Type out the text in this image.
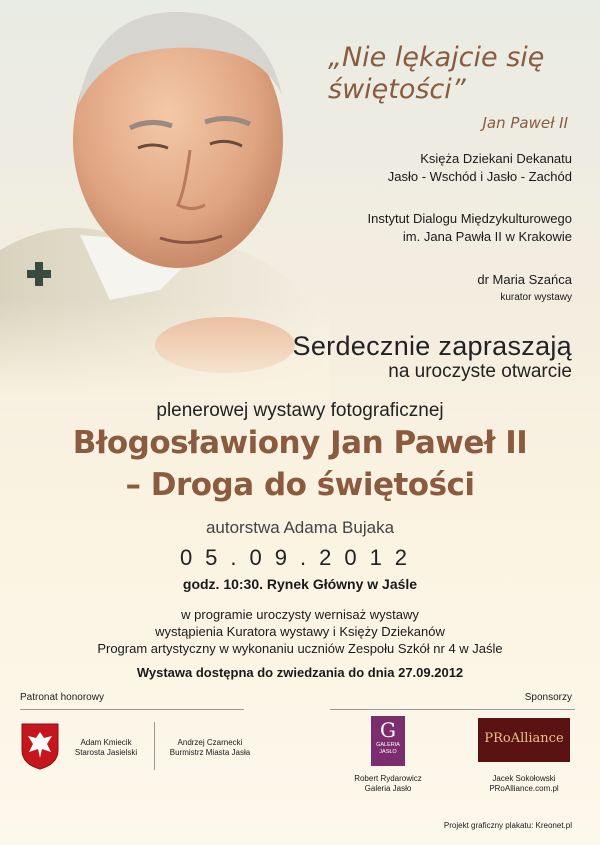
„Nie lękajcie się
świętości”
Jan Paweł II
Księża Dziekani Dekanatu
Jasło - Wschód i Jasło - Zachód
Instytut Dialogu Międzykulturowego
im. Jana Pawła II w Krakowie
dr Maria Szańca
kurator wystawy
Serdecznie zapraszają
na uroczyste otwarcie
plenerowej wystawy fotograficznej
Błogosławiony Jan Paweł II
– Droga do świętości
autorstwa Adama Bujaka
05.09.2012
godz. 10:30. Rynek Główny w Jaśle
w programie uroczysty wernisaż wystawy
wystąpienia Kuratora wystawy i Księży Dziekanów
Program artystyczny w wykonaniu uczniów Zespołu Szkół nr 4 w Jaśle
Wystawa dostępna do zwiedzania do dnia 27.09.2012
Patronat honorowy
Adam Kmiecik
Starosta Jasielski
Andrzej Czarnecki
Burmistrz Miasta Jasła
Sponsorzy
G
GALERIA JASŁO
Robert Rydarowicz
Galeria Jasło
PRoAlliance
Jacek Sokołowski
PRoAlliance.com.pl
Projekt graficzny plakatu: Kreonet.pl
